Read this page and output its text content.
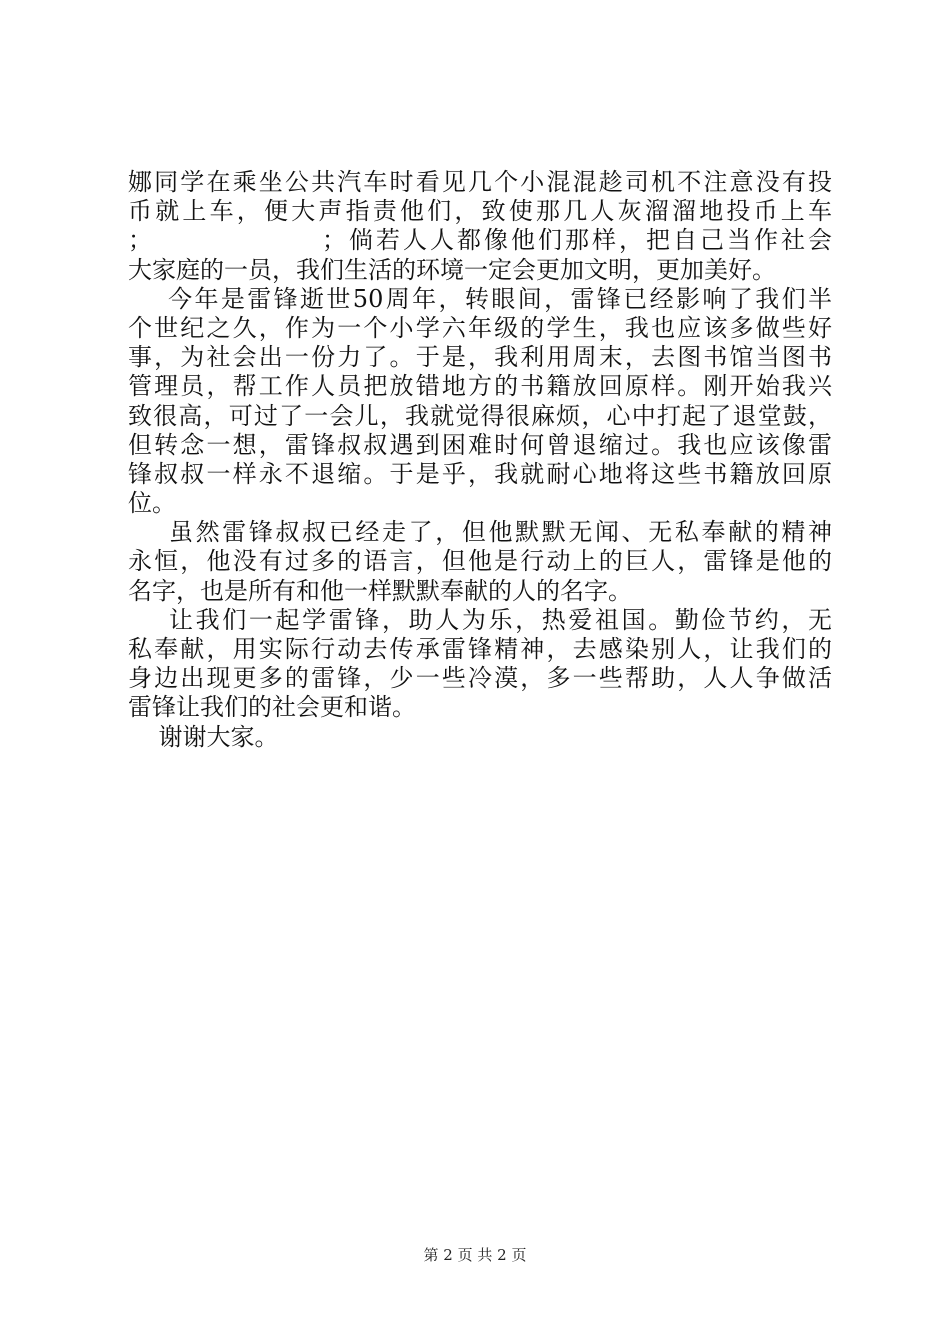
娜同学在乘坐公共汽车时看见几个小混混趁司机不注意没有投
币就上车，便大声指责他们，致使那几人灰溜溜地投币上车
；                ；倘若人人都像他们那样，把自己当作社会
大家庭的一员，我们生活的环境一定会更加文明，更加美好。
今年是雷锋逝世50周年，转眼间，雷锋已经影响了我们半
个世纪之久，作为一个小学六年级的学生，我也应该多做些好
事，为社会出一份力了。于是，我利用周末，去图书馆当图书
管理员，帮工作人员把放错地方的书籍放回原样。刚开始我兴
致很高，可过了一会儿，我就觉得很麻烦，心中打起了退堂鼓，
但转念一想，雷锋叔叔遇到困难时何曾退缩过。我也应该像雷
锋叔叔一样永不退缩。于是乎，我就耐心地将这些书籍放回原
位。
虽然雷锋叔叔已经走了，但他默默无闻、无私奉献的精神
永恒，他没有过多的语言，但他是行动上的巨人，雷锋是他的
名字，也是所有和他一样默默奉献的人的名字。
让我们一起学雷锋，助人为乐，热爱祖国。勤俭节约，无
私奉献，用实际行动去传承雷锋精神，去感染别人，让我们的
身边出现更多的雷锋，少一些冷漠，多一些帮助，人人争做活
雷锋让我们的社会更和谐。
谢谢大家。
第 2 页 共 2 页
